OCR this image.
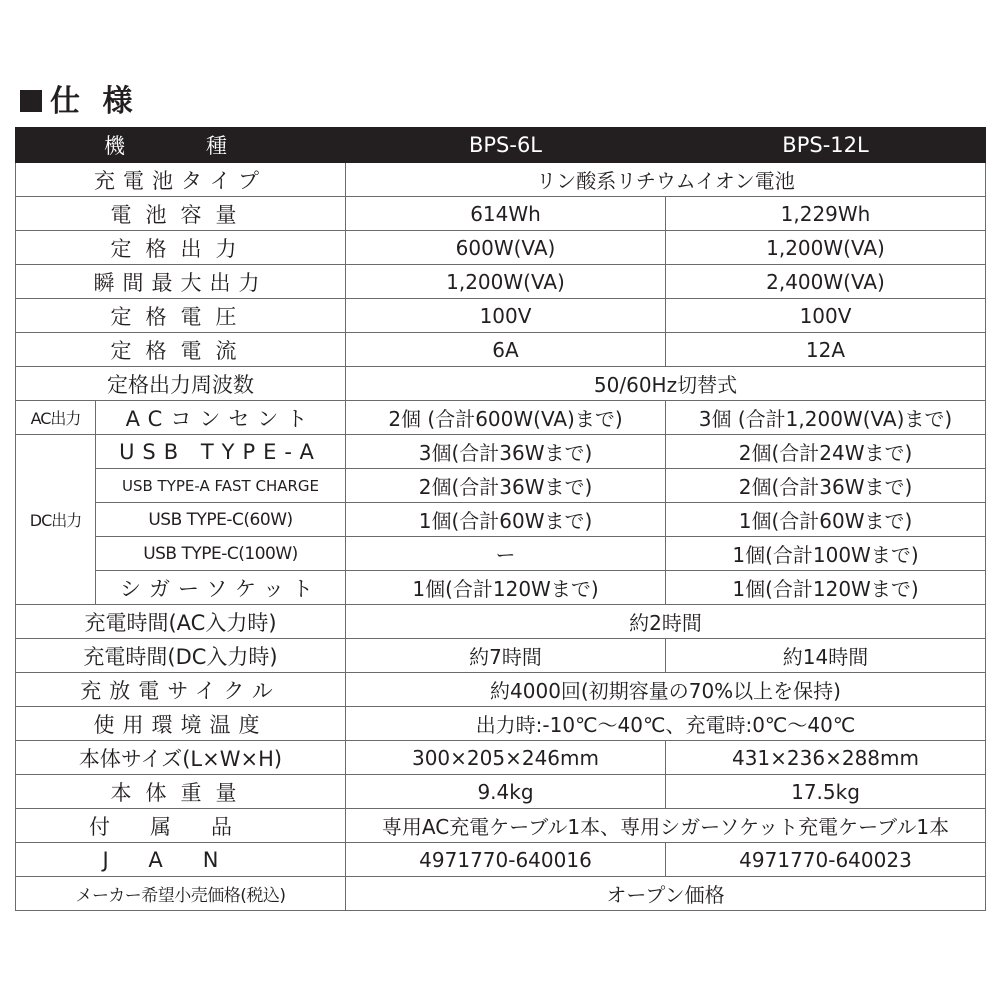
仕 様
機　種		BPS-6L	BPS-12L
充電池タイプ		リン酸系リチウムイオン電池	
電池容量		614Wh	1,229Wh
定格出力		600W(VA)	1,200W(VA)
瞬間最大出力		1,200W(VA)	2,400W(VA)
定格電圧		100V	100V
定格電流		6A	12A
定格出力周波数		50/60Hz切替式	
AC出力	ACコンセント	2個 (合計600W(VA)まで)	3個 (合計1,200W(VA)まで)
DC出力	USB TYPE-A	3個(合計36Wまで)	2個(合計24Wまで)
	USB TYPE-A FAST CHARGE	2個(合計36Wまで)	2個(合計36Wまで)
	USB TYPE-C(60W)	1個(合計60Wまで)	1個(合計60Wまで)
	USB TYPE-C(100W)	ー	1個(合計100Wまで)
	シガーソケット	1個(合計120Wまで)	1個(合計120Wまで)
充電時間(AC入力時)		約2時間	
充電時間(DC入力時)		約7時間	約14時間
充放電サイクル		約4000回(初期容量の70%以上を保持)	
使用環境温度		出力時:-10℃～40℃、充電時:0℃～40℃	
本体サイズ(L×W×H)		300×205×246mm	431×236×288mm
本体重量		9.4kg	17.5kg
付属品		専用AC充電ケーブル1本、専用シガーソケット充電ケーブル1本	
JAN		4971770-640016	4971770-640023
メーカー希望小売価格(税込)		オープン価格	
